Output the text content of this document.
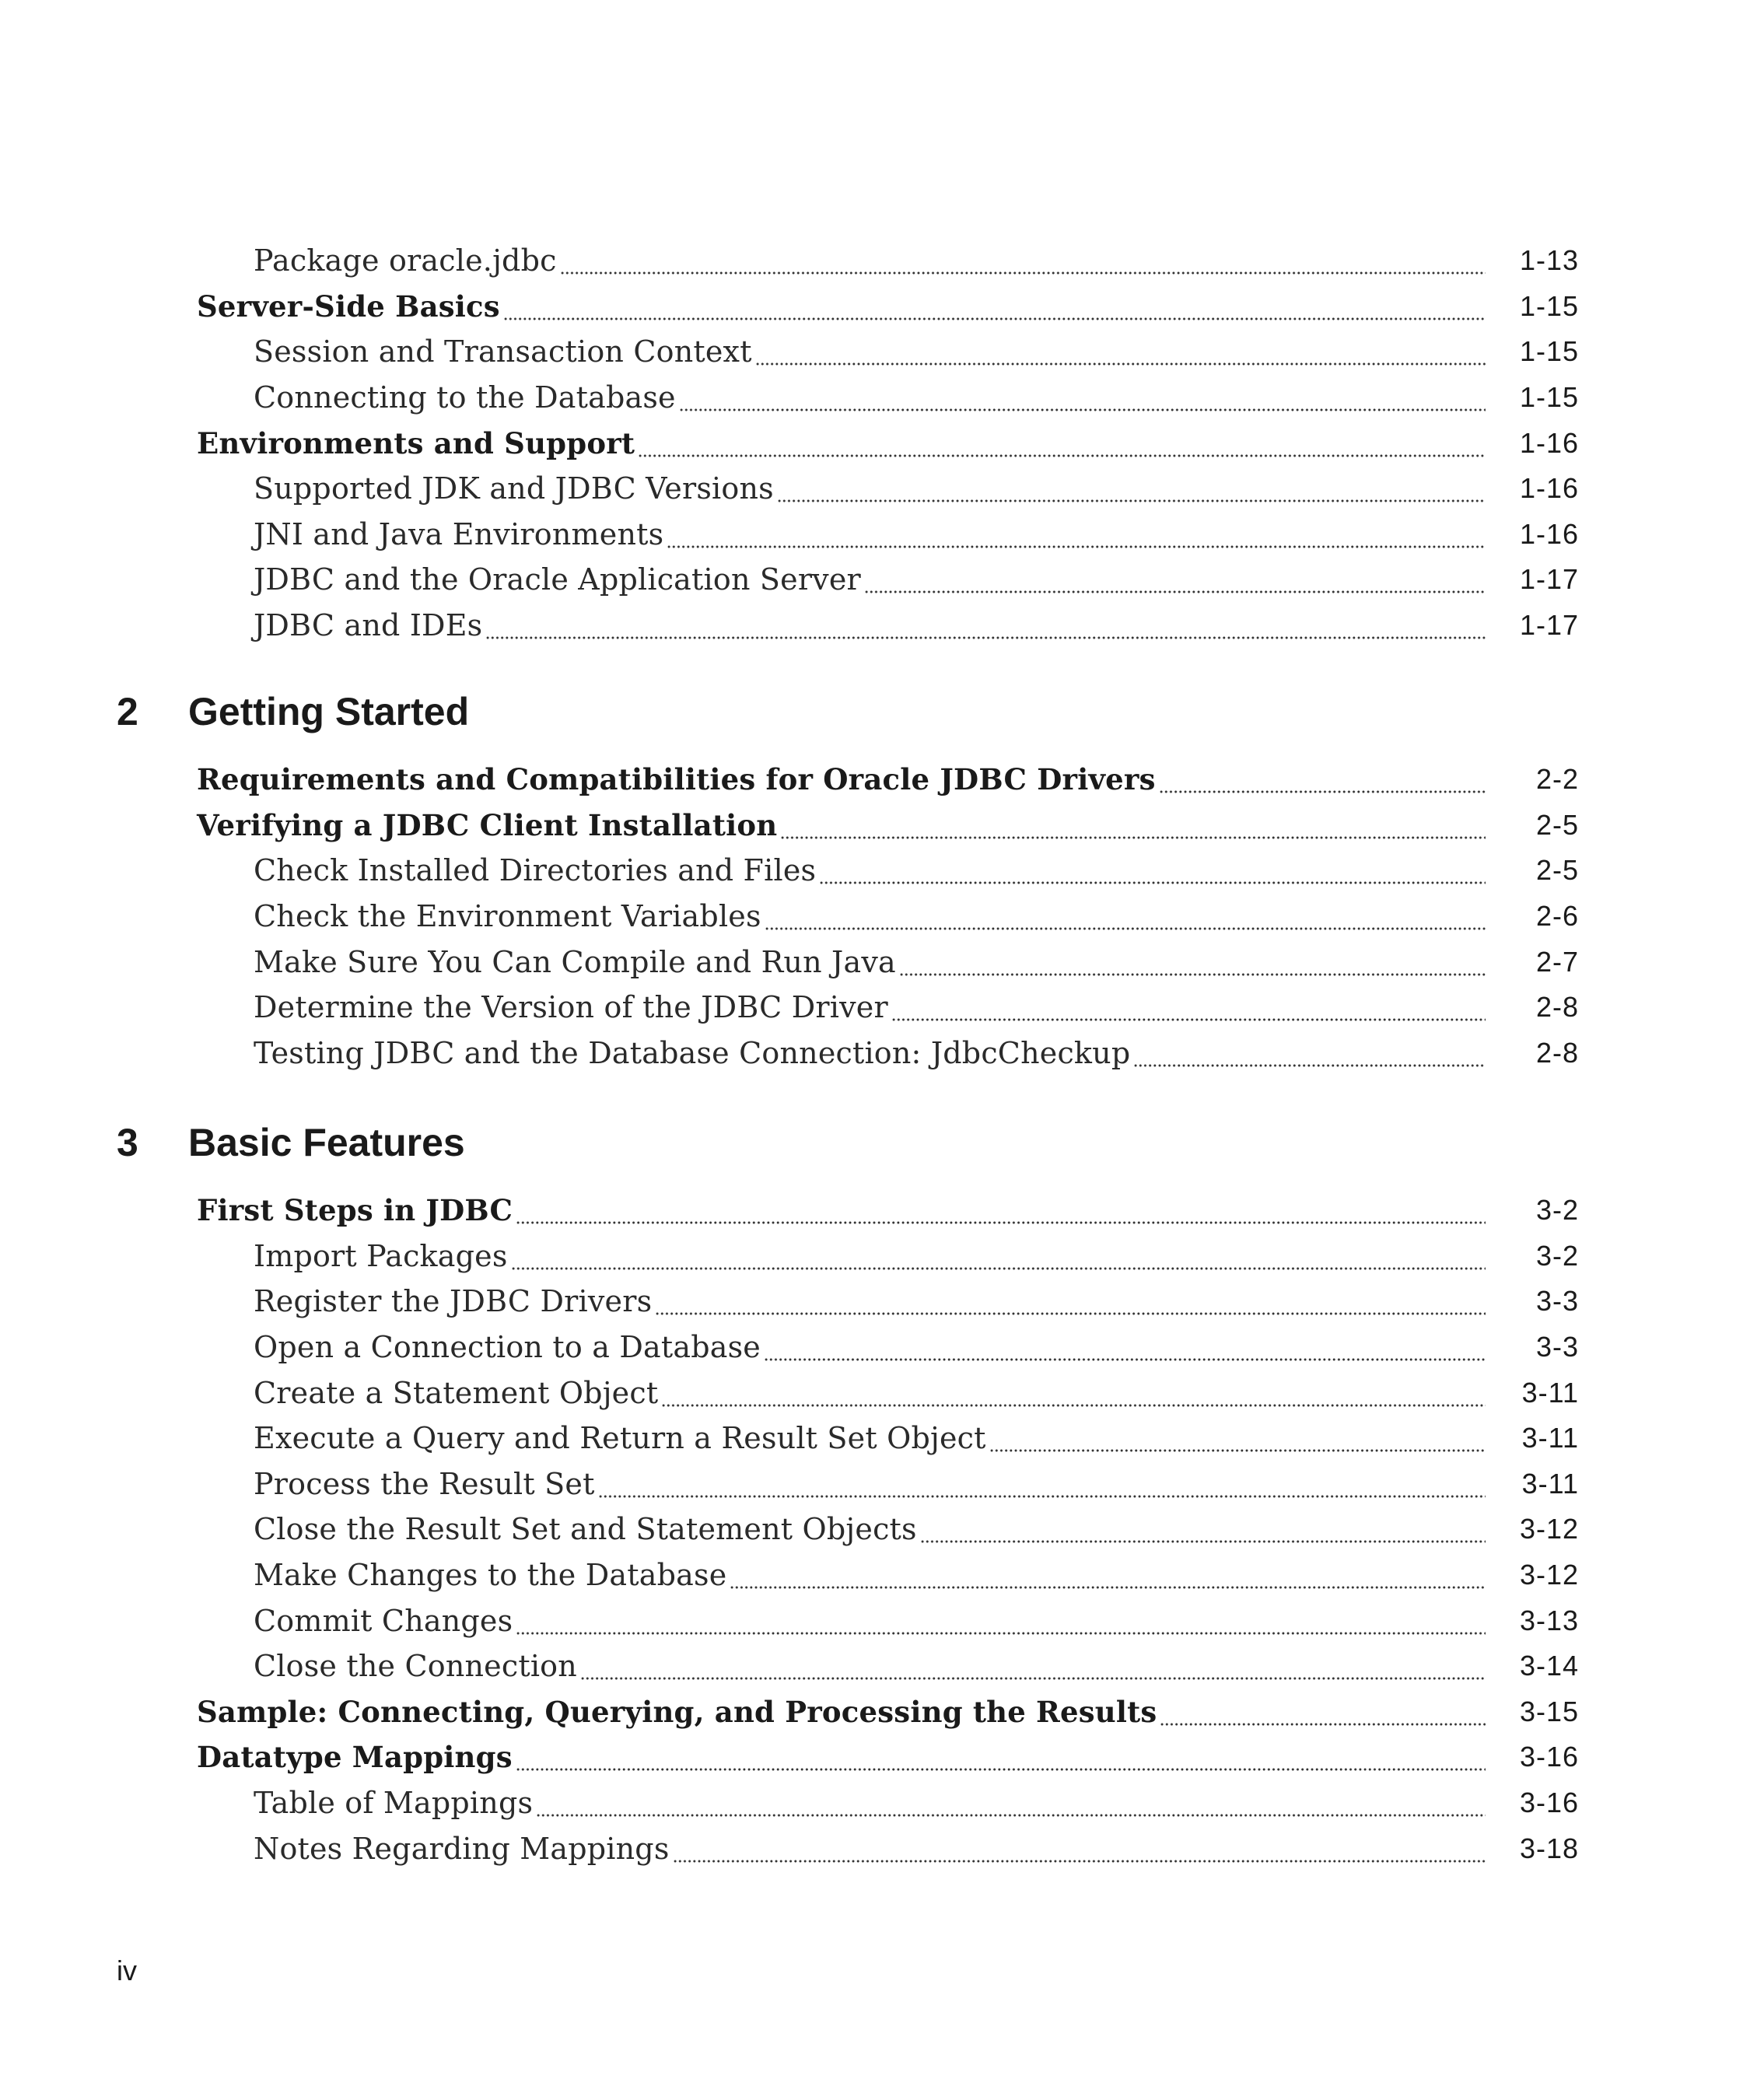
Package oracle.jdbc	1-13
Server-Side Basics	1-15
Session and Transaction Context	1-15
Connecting to the Database	1-15
Environments and Support	1-16
Supported JDK and JDBC Versions	1-16
JNI and Java Environments	1-16
JDBC and the Oracle Application Server	1-17
JDBC and IDEs	1-17
2	Getting Started
Requirements and Compatibilities for Oracle JDBC Drivers	2-2
Verifying a JDBC Client Installation	2-5
Check Installed Directories and Files	2-5
Check the Environment Variables	2-6
Make Sure You Can Compile and Run Java	2-7
Determine the Version of the JDBC Driver	2-8
Testing JDBC and the Database Connection: JdbcCheckup	2-8
3	Basic Features
First Steps in JDBC	3-2
Import Packages	3-2
Register the JDBC Drivers	3-3
Open a Connection to a Database	3-3
Create a Statement Object	3-11
Execute a Query and Return a Result Set Object	3-11
Process the Result Set	3-11
Close the Result Set and Statement Objects	3-12
Make Changes to the Database	3-12
Commit Changes	3-13
Close the Connection	3-14
Sample: Connecting, Querying, and Processing the Results	3-15
Datatype Mappings	3-16
Table of Mappings	3-16
Notes Regarding Mappings	3-18
iv
